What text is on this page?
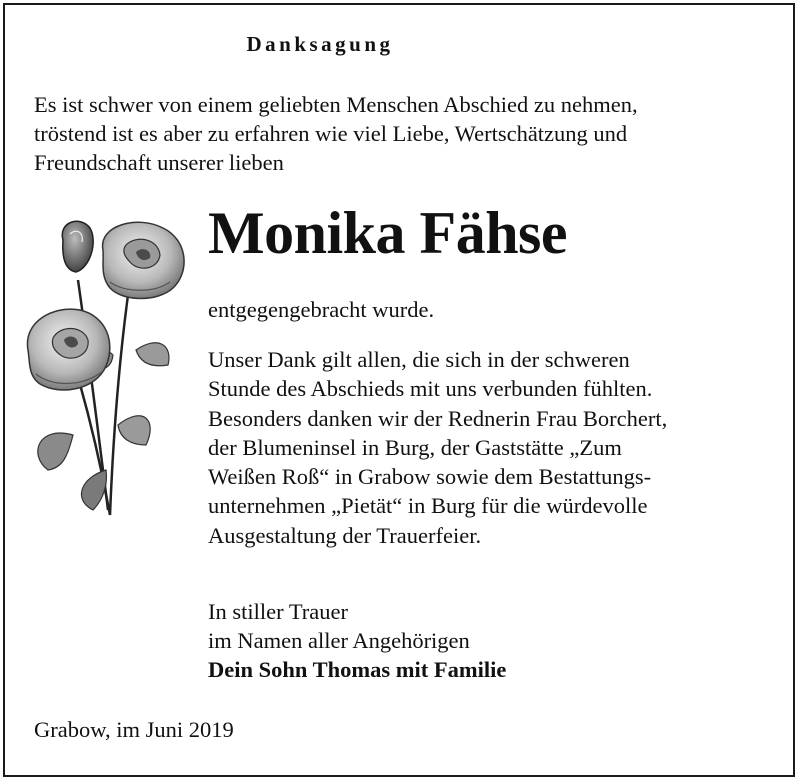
Danksagung
Es ist schwer von einem geliebten Menschen Abschied zu nehmen,
tröstend ist es aber zu erfahren wie viel Liebe, Wertschätzung und
Freundschaft unserer lieben
Monika Fähse
entgegengebracht wurde.
Unser Dank gilt allen, die sich in der schweren
Stunde des Abschieds mit uns verbunden fühlten.
Besonders danken wir der Rednerin Frau Borchert,
der Blumeninsel in Burg, der Gaststätte „Zum
Weißen Roß“ in Grabow sowie dem Bestattungs-
unternehmen „Pietät“ in Burg für die würdevolle
Ausgestaltung der Trauerfeier.
In stiller Trauer
im Namen aller Angehörigen
Dein Sohn Thomas mit Familie
Grabow, im Juni 2019
